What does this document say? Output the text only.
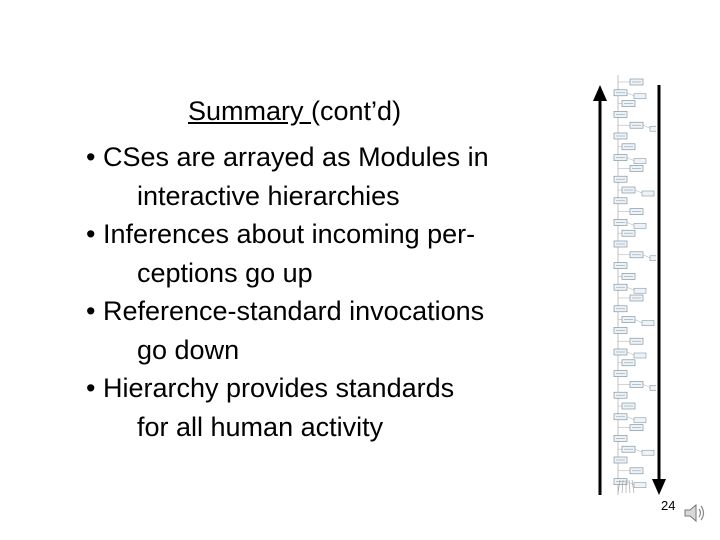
Summary (cont’d)
• CSes are arrayed as Modules in
interactive hierarchies
• Inferences about incoming per-
ceptions go up
• Reference-standard invocations
go down
• Hierarchy provides standards
for all human activity
24
